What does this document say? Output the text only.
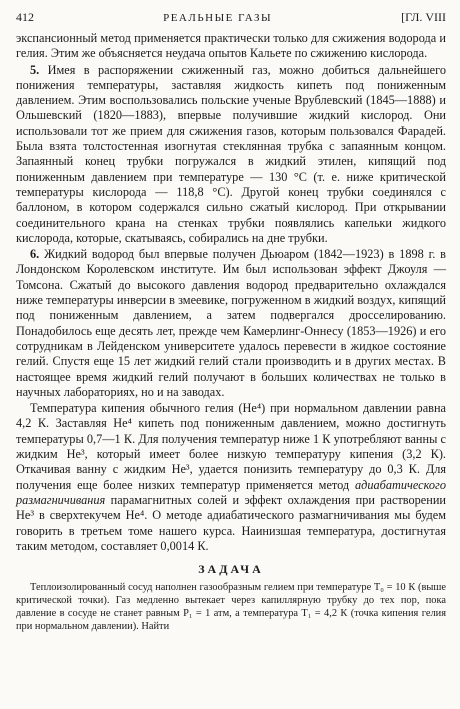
412	РЕАЛЬНЫЕ ГАЗЫ	[ГЛ. VIII

экспансионный метод применяется практически только для сжижения водорода и гелия. Этим же объясняется неудача опытов Кальете по сжижению кислорода.

5. Имея в распоряжении сжиженный газ, можно добиться дальнейшего понижения температуры, заставляя жидкость кипеть под пониженным давлением. Этим воспользовались польские ученые Врублевский (1845—1888) и Ольшевский (1820—1883), впервые получившие жидкий кислород. Они использовали тот же прием для сжижения газов, которым пользовался Фарадей. Была взята толстостенная изогнутая стеклянная трубка с запаянным концом. Запаянный конец трубки погружался в жидкий этилен, кипящий под пониженным давлением при температуре — 130 °С (т. е. ниже критической температуры кислорода — 118,8 °С). Другой конец трубки соединялся с баллоном, в котором содержался сильно сжатый кислород. При открывании соединительного крана на стенках трубки появлялись капельки жидкого кислорода, которые, скатываясь, собирались на дне трубки.

6. Жидкий водород был впервые получен Дьюаром (1842—1923) в 1898 г. в Лондонском Королевском институте. Им был использован эффект Джоуля — Томсона. Сжатый до высокого давления водород предварительно охлаждался ниже температуры инверсии в змеевике, погруженном в жидкий воздух, кипящий под пониженным давлением, а затем подвергался дросселированию. Понадобилось еще десять лет, прежде чем Камерлинг-Оннесу (1853—1926) и его сотрудникам в Лейденском университете удалось перевести в жидкое состояние гелий. Спустя еще 15 лет жидкий гелий стали производить и в других местах. В настоящее время жидкий гелий получают в больших количествах не только в научных лабораториях, но и на заводах.

Температура кипения обычного гелия (He⁴) при нормальном давлении равна 4,2 К. Заставляя He⁴ кипеть под пониженным давлением, можно достигнуть температуры 0,7—1 К. Для получения температур ниже 1 К употребляют ванны с жидким He³, который имеет более низкую температуру кипения (3,2 К). Откачивая ванну с жидким He³, удается понизить температуру до 0,3 К. Для получения еще более низких температур применяется метод адиабатического размагничивания парамагнитных солей и эффект охлаждения при растворении He³ в сверхтекучем He⁴. О методе адиабатического размагничивания мы будем говорить в третьем томе нашего курса. Наинизшая температура, достигнутая таким методом, составляет 0,0014 К.

ЗАДАЧА

Теплоизолированный сосуд наполнен газообразным гелием при температуре T₀ = 10 К (выше критической точки). Газ медленно вытекает через капиллярную трубку до тех пор, пока давление в сосуде не станет равным P₁ = 1 атм, а температура T₁ = 4,2 К (точка кипения гелия при нормальном давлении). Найти
